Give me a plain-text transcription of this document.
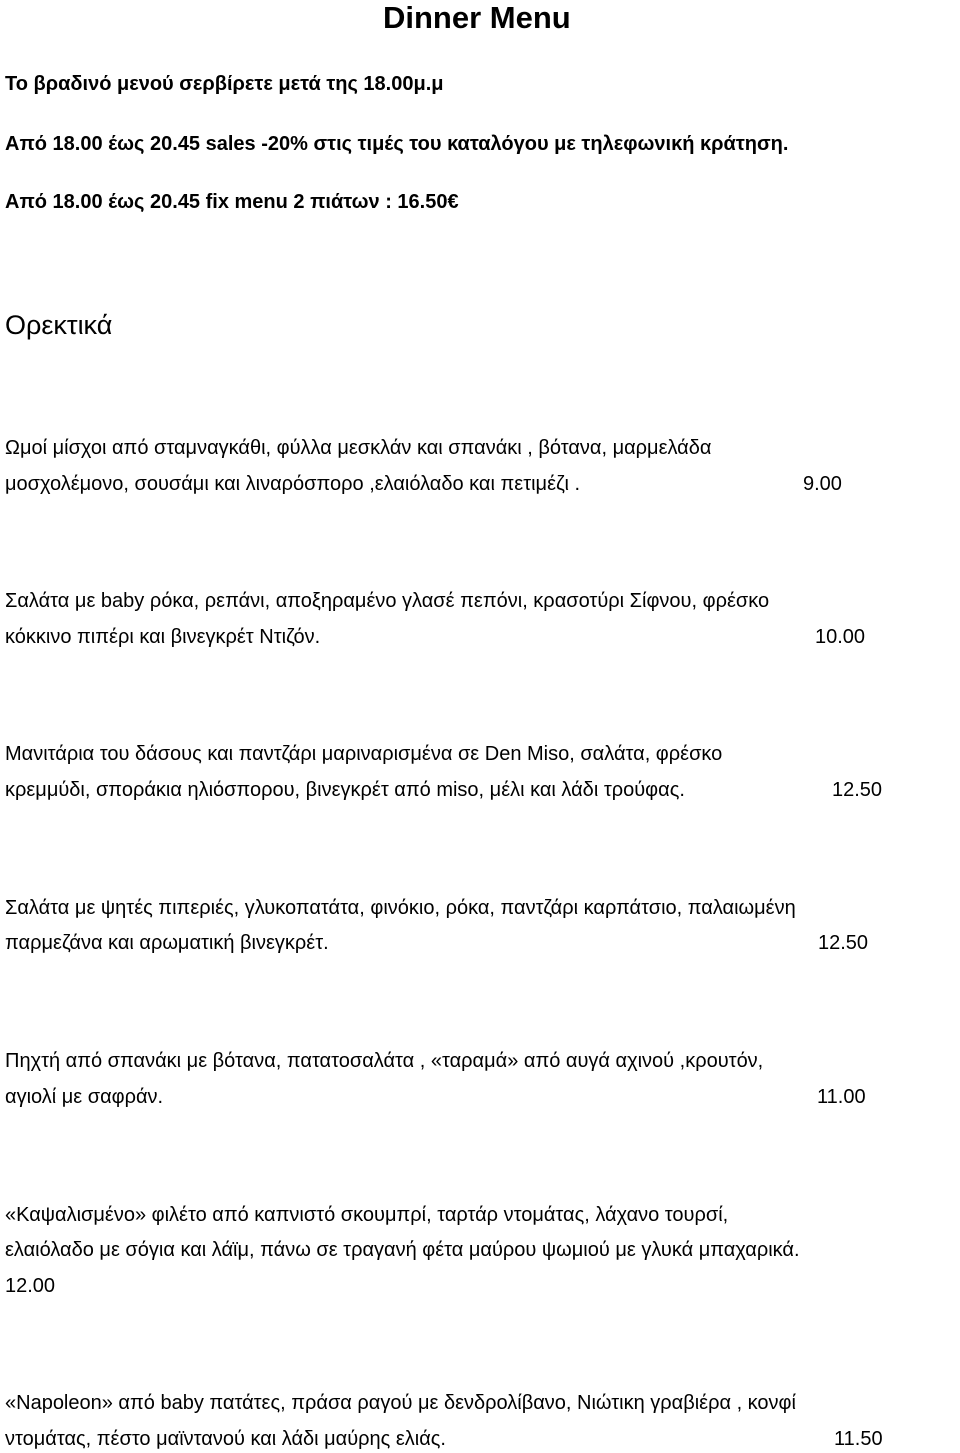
Dinner Menu
Το βραδινό μενού σερβίρετε μετά της 18.00μ.μ
Από 18.00 έως 20.45 sales -20% στις τιμές του καταλόγου με τηλεφωνική κράτηση.
Από 18.00 έως 20.45 fix menu 2 πιάτων : 16.50€
Ορεκτικά
Ωμοί μίσχοι από σταμναγκάθι, φύλλα μεσκλάν και σπανάκι , βότανα, μαρμελάδα
μοσχολέμονο, σουσάμι και λιναρόσπορο ,ελαιόλαδο και πετιμέζι .	9.00
Σαλάτα με baby ρόκα, ρεπάνι, αποξηραμένο γλασέ πεπόνι, κρασοτύρι Σίφνου, φρέσκο
κόκκινο πιπέρι και βινεγκρέτ Ντιζόν.	10.00
Μανιτάρια του δάσους και παντζάρι μαριναρισμένα σε Den Miso, σαλάτα, φρέσκο
κρεμμύδι, σποράκια ηλιόσπορου, βινεγκρέτ από miso, μέλι και λάδι τρούφας.	12.50
Σαλάτα με ψητές πιπεριές, γλυκοπατάτα, φινόκιο, ρόκα, παντζάρι καρπάτσιο, παλαιωμένη
παρμεζάνα και αρωματική βινεγκρέτ.	12.50
Πηχτή από σπανάκι με βότανα, πατατοσαλάτα , «ταραμά» από αυγά αχινού ,κρουτόν,
αγιολί με σαφράν.	11.00
«Καψαλισμένο» φιλέτο από καπνιστό σκουμπρί, ταρτάρ ντομάτας, λάχανο τουρσί,
ελαιόλαδο με σόγια και λάϊμ, πάνω σε τραγανή φέτα μαύρου ψωμιού με γλυκά μπαχαρικά.
12.00
«Napoleon» από baby πατάτες, πράσα ραγού με δενδρολίβανο, Νιώτικη γραβιέρα , κονφί
ντομάτας, πέστο μαϊντανού και λάδι μαύρης ελιάς.	11.50
